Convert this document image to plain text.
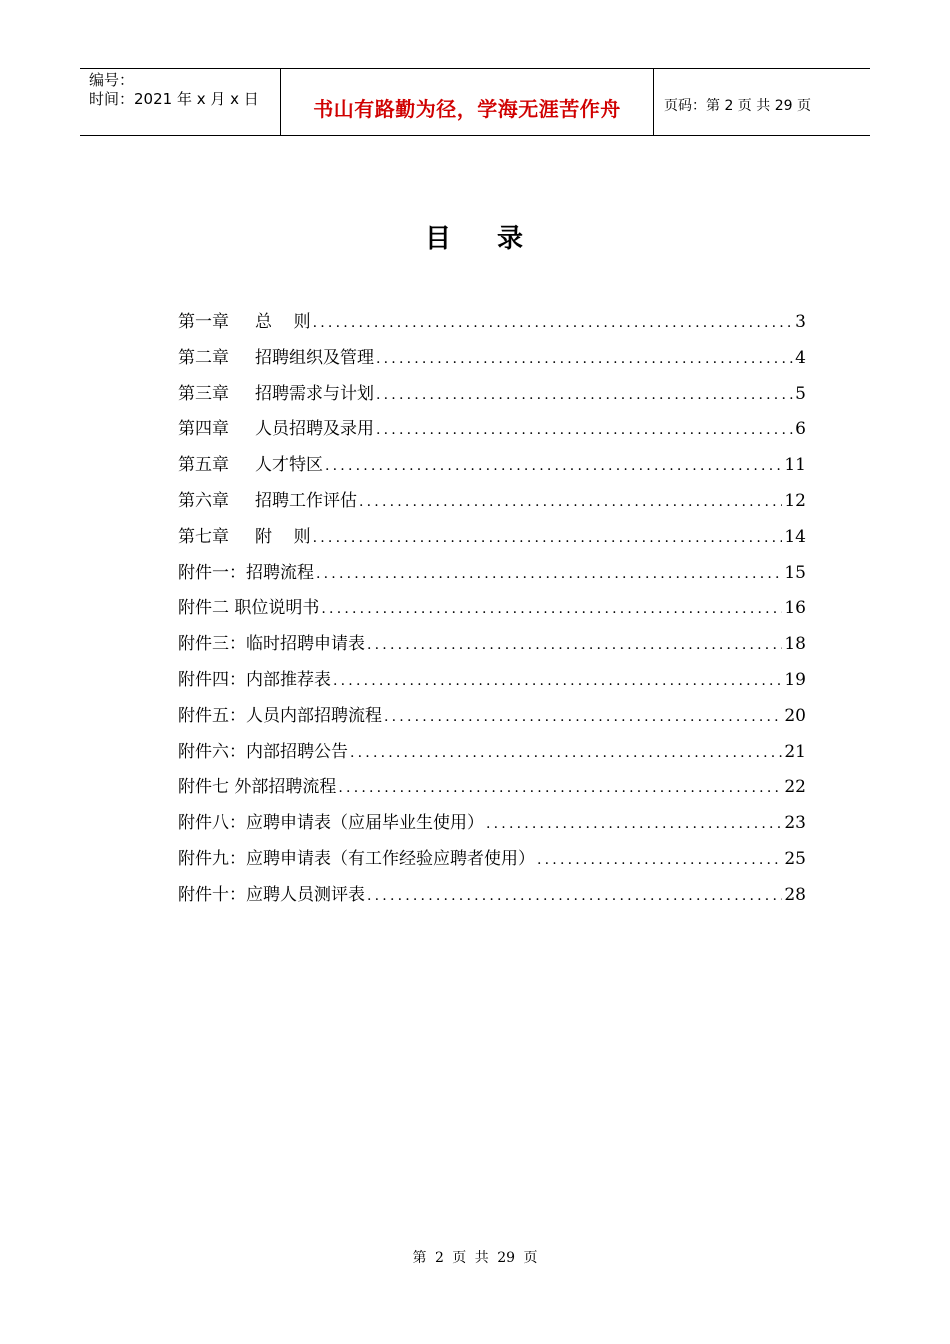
编号：
时间：2021 年 x 月 x 日	书山有路勤为径，学海无涯苦作舟	页码：第 2 页 共 29 页
目 录
第一章 总    则 .....	3
第二章 招聘组织及管理 .....	4
第三章 招聘需求与计划 .....	5
第四章 人员招聘及录用 .....	6
第五章 人才特区 .....	11
第六章 招聘工作评估 .....	12
第七章 附    则 .....	14
附件一：招聘流程 .....	15
附件二 职位说明书 .....	16
附件三：临时招聘申请表 .....	18
附件四：内部推荐表 .....	19
附件五：人员内部招聘流程 .....	20
附件六：内部招聘公告 .....	21
附件七 外部招聘流程 .....	22
附件八：应聘申请表（应届毕业生使用） .....	23
附件九：应聘申请表（有工作经验应聘者使用） .....	25
附件十：应聘人员测评表 .....	28
第 2 页 共 29 页
